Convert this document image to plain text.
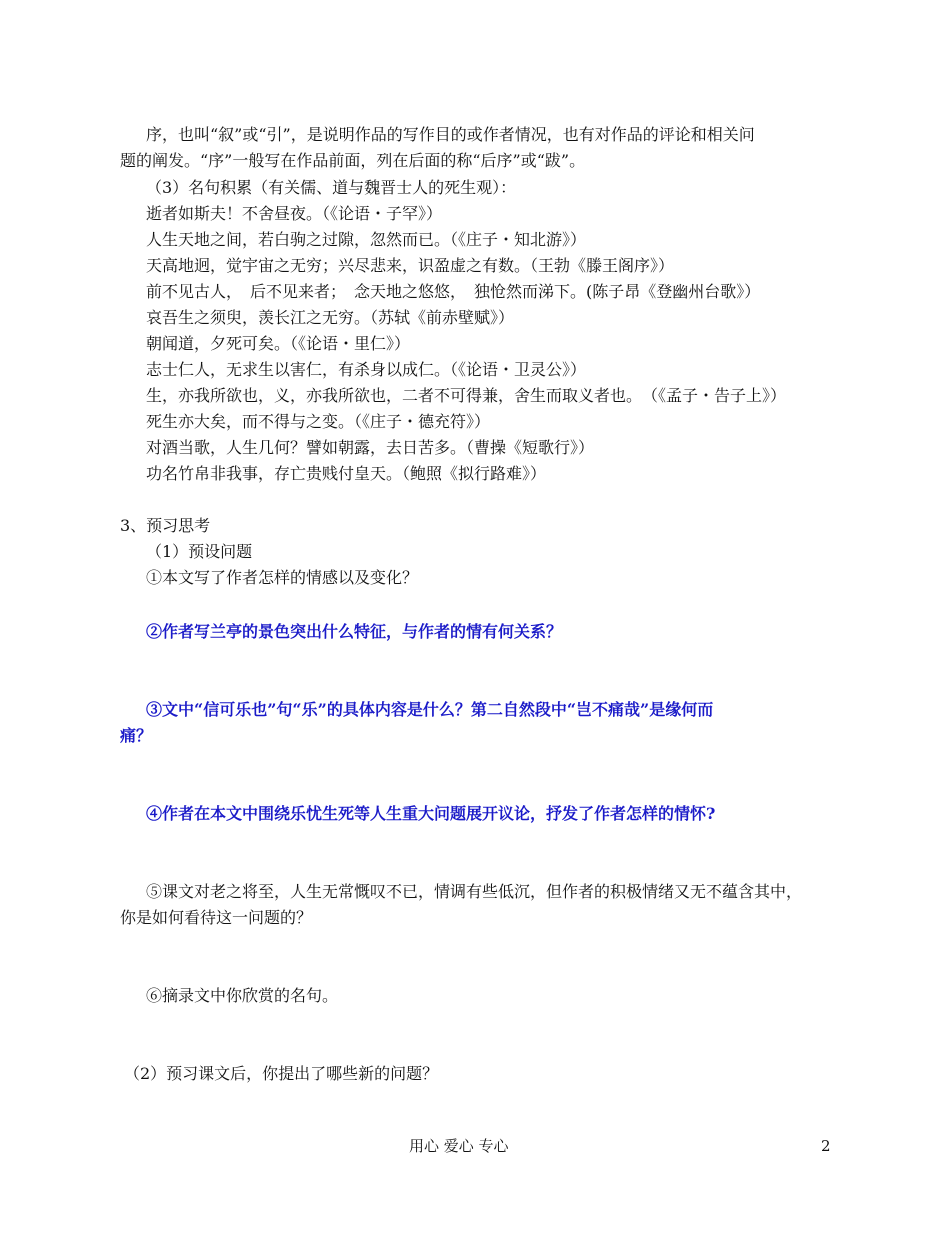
序，也叫“叙”或“引”，是说明作品的写作目的或作者情况，也有对作品的评论和相关问
题的阐发。“序”一般写在作品前面，列在后面的称“后序”或“跋”。
（3）名句积累（有关儒、道与魏晋士人的死生观）：
逝者如斯夫！不舍昼夜。（《论语・子罕》）
人生天地之间，若白驹之过隙，忽然而已。（《庄子・知北游》）
天高地迥，觉宇宙之无穷；兴尽悲来，识盈虚之有数。（王勃《滕王阁序》）
前不见古人，　后不见来者；　念天地之悠悠，　独怆然而涕下。(陈子昂《登幽州台歌》）
哀吾生之须臾，羡长江之无穷。（苏轼《前赤壁赋》）
朝闻道，夕死可矣。（《论语・里仁》）
志士仁人，无求生以害仁，有杀身以成仁。（《论语・卫灵公》）
生，亦我所欲也，义，亦我所欲也，二者不可得兼，舍生而取义者也。　（《孟子・告子上》）
死生亦大矣，而不得与之变。（《庄子・德充符》）
对酒当歌，人生几何？譬如朝露，去日苦多。（曹操《短歌行》）
功名竹帛非我事，存亡贵贱付皇天。（鲍照《拟行路难》）
3、预习思考
（1）预设问题
①本文写了作者怎样的情感以及变化？
②作者写兰亭的景色突出什么特征，与作者的情有何关系？
③文中“信可乐也”句“乐”的具体内容是什么？第二自然段中“岂不痛哉”是缘何而
痛？
④作者在本文中围绕乐忧生死等人生重大问题展开议论，抒发了作者怎样的情怀?
⑤课文对老之将至，人生无常慨叹不已，情调有些低沉，但作者的积极情绪又无不蕴含其中，
你是如何看待这一问题的？
⑥摘录文中你欣赏的名句。
（2）预习课文后，你提出了哪些新的问题？
用心 爱心 专心	2
